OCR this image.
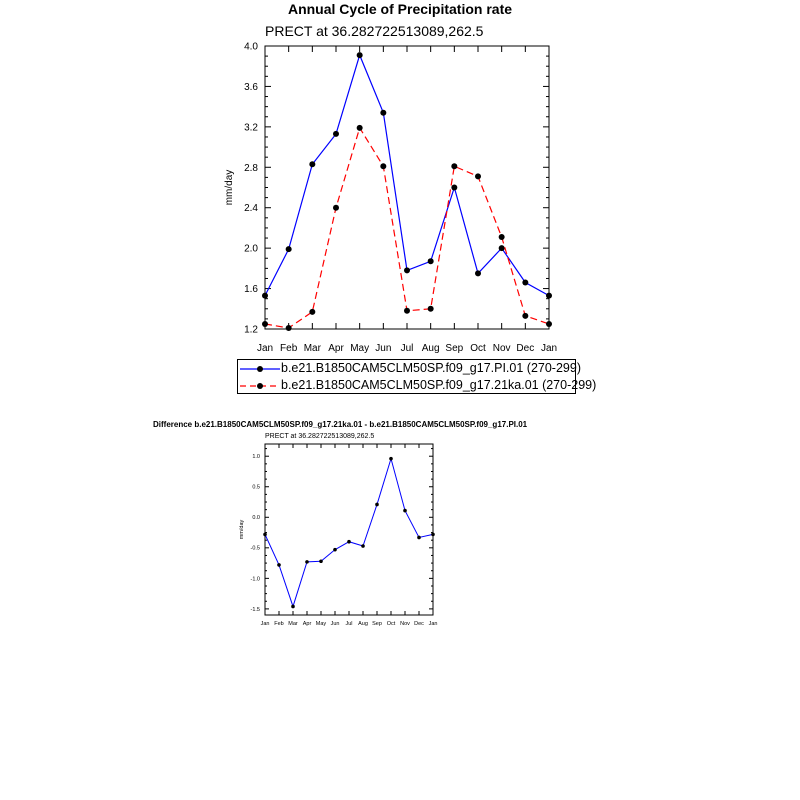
Annual Cycle of Precipitation rate
PRECT at 36.282722513089,262.5
Difference b.e21.B1850CAM5CLM50SP.f09_g17.21ka.01 - b.e21.B1850CAM5CLM50SP.f09_g17.PI.01
PRECT at 36.282722513089,262.5
Jan Feb Mar Apr May Jun Jul Aug Sep Oct Nov Dec Jan
1.2
1.6
2.0
2.4
2.8
3.2
3.6
4.0
mm/day
Jan Feb Mar Apr May Jun Jul Aug Sep Oct Nov Dec Jan
-1.5
-1.0
-0.5
0.0
0.5
1.0
mm/day
b.e21.B1850CAM5CLM50SP.f09_g17.PI.01 (270-299)
b.e21.B1850CAM5CLM50SP.f09_g17.21ka.01 (270-299)
